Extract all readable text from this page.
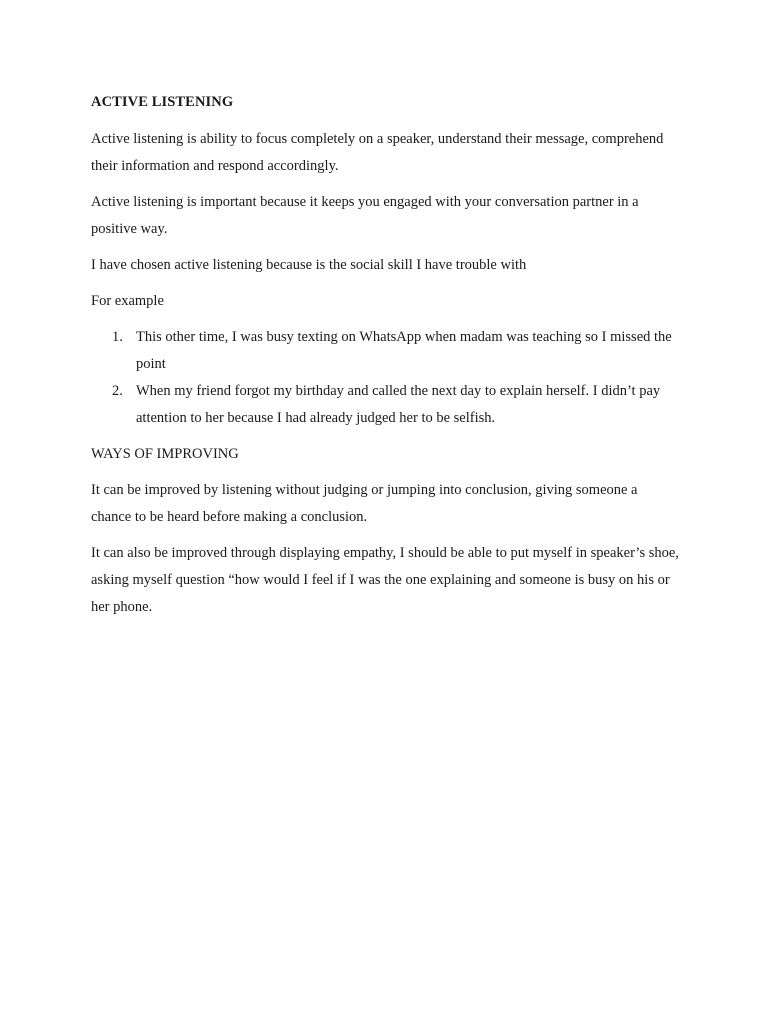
ACTIVE LISTENING

Active listening is ability to focus completely on a speaker, understand their message, comprehend their information and respond accordingly.

Active listening is important because it keeps you engaged with your conversation partner in a positive way.

I have chosen active listening because is the social skill I have trouble with

For example

1. This other time, I was busy texting on WhatsApp when madam was teaching so I missed the point
2. When my friend forgot my birthday and called the next day to explain herself. I didn’t pay attention to her because I had already judged her to be selfish.
WAYS OF IMPROVING

It can be improved by listening without judging or jumping into conclusion, giving someone a chance to be heard before making a conclusion.

It can also be improved through displaying empathy, I should be able to put myself in speaker’s shoe, asking myself question “how would I feel if I was the one explaining and someone is busy on his or her phone.
